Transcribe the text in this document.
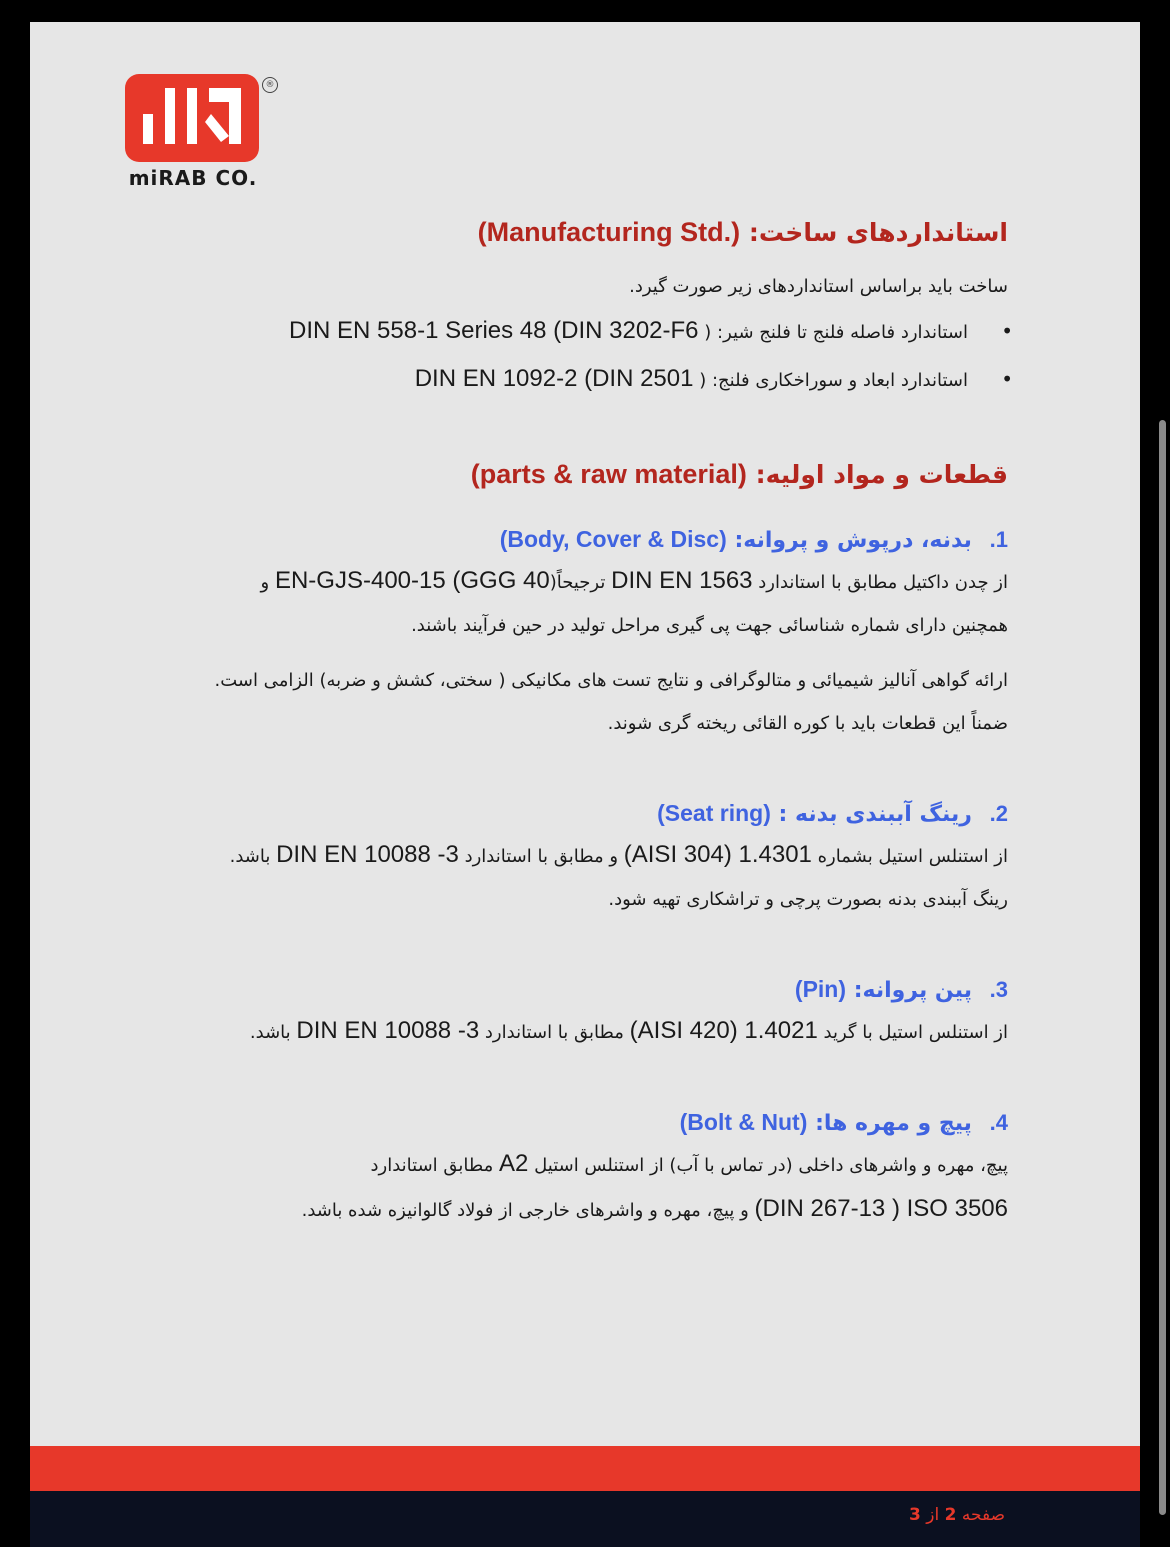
®
miRAB CO.
استانداردهای ساخت: (Manufacturing Std.)

ساخت باید براساس استانداردهای زیر صورت گیرد.

• استاندارد فاصله فلنج تا فلنج شیر: ( DIN EN 558-1 Series 48 (DIN 3202-F6
• استاندارد ابعاد و سوراخکاری فلنج: ( DIN EN 1092-2 (DIN 2501
قطعات و مواد اولیه: (parts & raw material)
1. بدنه، درپوش و پروانه: (Body, Cover & Disc)

از چدن داکتیل مطابق با استاندارد DIN EN 1563 ترجیحاً(EN-GJS-400-15 (GGG 40 و
همچنین دارای شماره شناسائی جهت پی گیری مراحل تولید در حین فرآیند باشند.

ارائه گواهی آنالیز شیمیائی و متالوگرافی و نتایج تست های مکانیکی ( سختی، کشش و ضربه) الزامی است.
ضمناً این قطعات باید با کوره القائی ریخته گری شوند.

2. رینگ آببندی بدنه : (Seat ring)

از استنلس استیل بشماره (AISI 304) 1.4301 و مطابق با استاندارد DIN EN 10088 -3 باشد.
رینگ آببندی بدنه بصورت پرچی و تراشکاری تهیه شود.

3. پین پروانه: (Pin)

از استنلس استیل با گرید (AISI 420) 1.4021 مطابق با استاندارد DIN EN 10088 -3 باشد.

4. پیچ و مهره ها: (Bolt & Nut)

پیچ، مهره و واشرهای داخلی (در تماس با آب) از استنلس استیل A2 مطابق استاندارد
(DIN 267-13 ) ISO 3506 و پیچ، مهره و واشرهای خارجی از فولاد گالوانیزه شده باشد.

صفحه 2 از 3
